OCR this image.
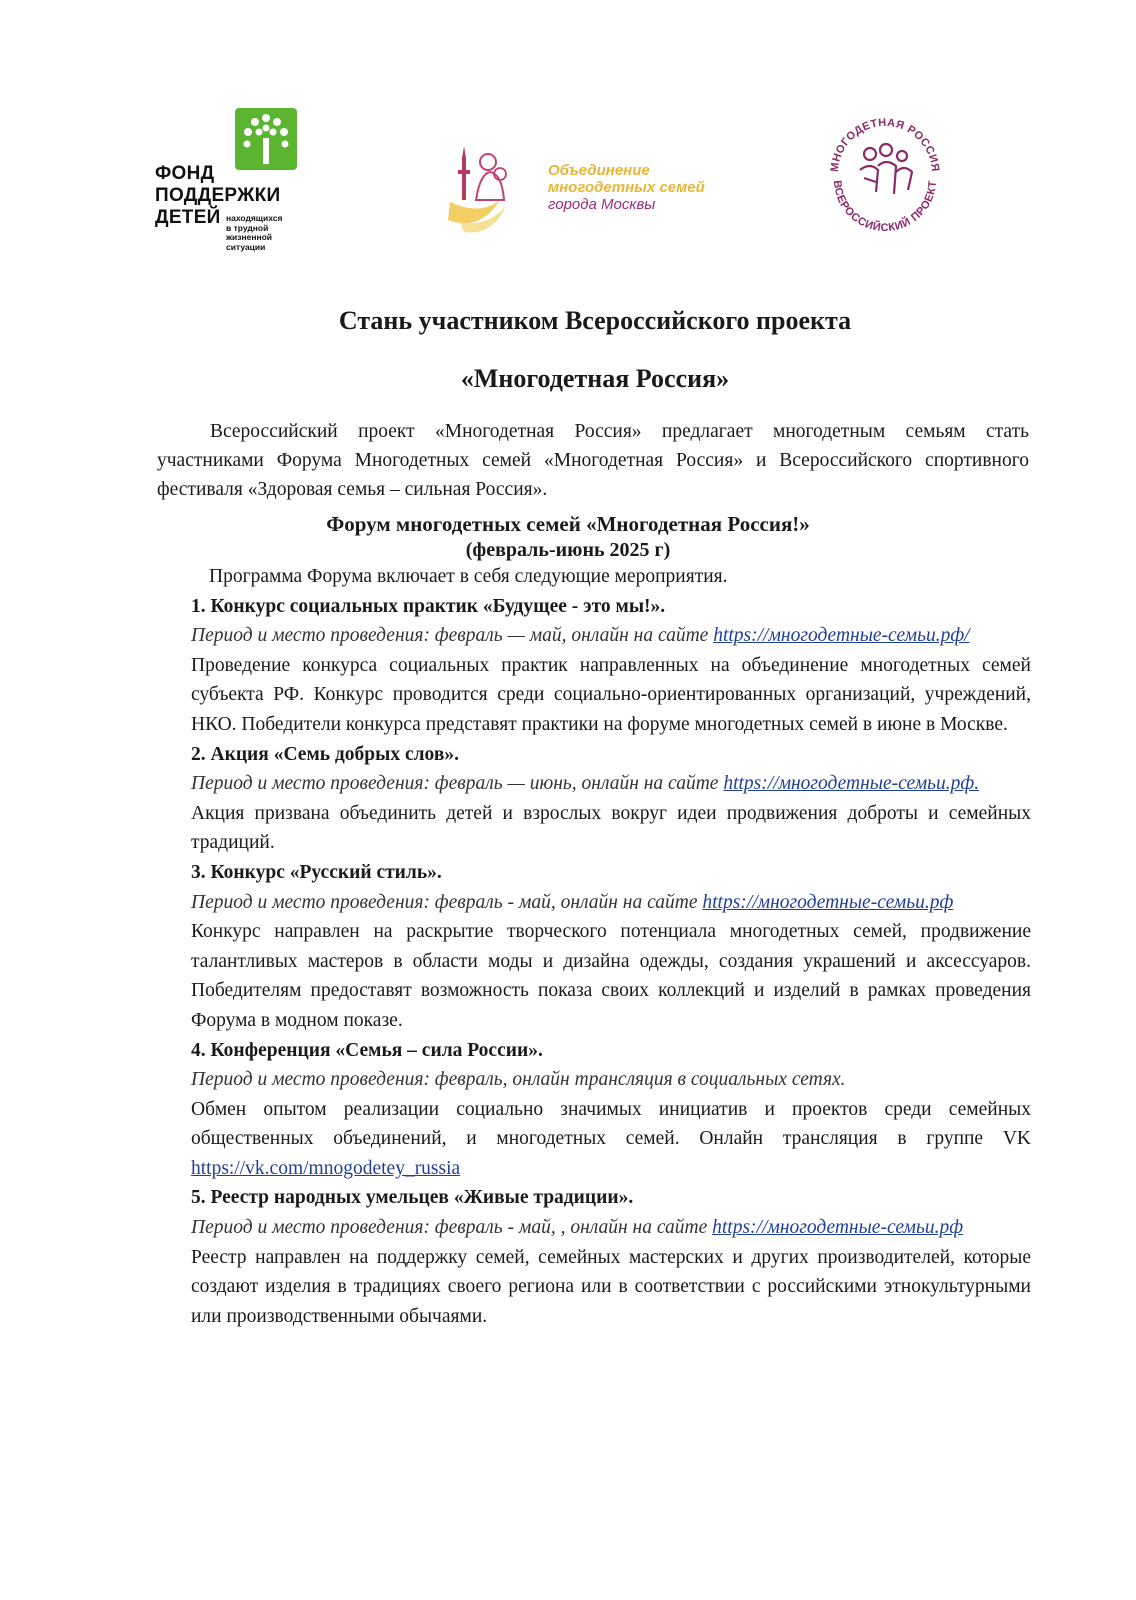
ФОНД
ПОДДЕРЖКИ
ДЕТЕЙ находящихся
в трудной
жизненной
ситуации
Объединение
многодетных семей
города Москвы
МНОГОДЕТНАЯ РОССИЯ
ВСЕРОССИЙСКИЙ ПРОЕКТ
Стань участником Всероссийского проекта
«Многодетная Россия»

Всероссийский проект «Многодетная Россия» предлагает многодетным семьям стать участниками Форума Многодетных семей «Многодетная Россия» и Всероссийского спортивного фестиваля «Здоровая семья – сильная Россия».

Форум многодетных семей «Многодетная Россия!»
(февраль-июнь 2025 г)

Программа Форума включает в себя следующие мероприятия.

1. Конкурс социальных практик «Будущее - это мы!».

Период и место проведения: февраль — май, онлайн на сайте https://многодетные-семьи.рф/

Проведение конкурса социальных практик направленных на объединение многодетных семей субъекта РФ. Конкурс проводится среди социально-ориентированных организаций, учреждений, НКО. Победители конкурса представят практики на форуме многодетных семей в июне в Москве.

2. Акция «Семь добрых слов».

Период и место проведения: февраль — июнь, онлайн на сайте https://многодетные-семьи.рф.

Акция призвана объединить детей и взрослых вокруг идеи продвижения доброты и семейных традиций.

3. Конкурс «Русский стиль».

Период и место проведения: февраль - май, онлайн на сайте https://многодетные-семьи.рф

Конкурс направлен на раскрытие творческого потенциала многодетных семей, продвижение талантливых мастеров в области моды и дизайна одежды, создания украшений и аксессуаров. Победителям предоставят возможность показа своих коллекций и изделий в рамках проведения Форума в модном показе.

4. Конференция «Семья – сила России».

Период и место проведения: февраль, онлайн трансляция в социальных сетях.

Обмен опытом реализации социально значимых инициатив и проектов среди семейных общественных объединений, и многодетных семей. Онлайн трансляция в группе VK https://vk.com/mnogodetey_russia

5. Реестр народных умельцев «Живые традиции».

Период и место проведения: февраль - май, , онлайн на сайте https://многодетные-семьи.рф

Реестр направлен на поддержку семей, семейных мастерских и других производителей, которые создают изделия в традициях своего региона или в соответствии с российскими этнокультурными или производственными обычаями.
